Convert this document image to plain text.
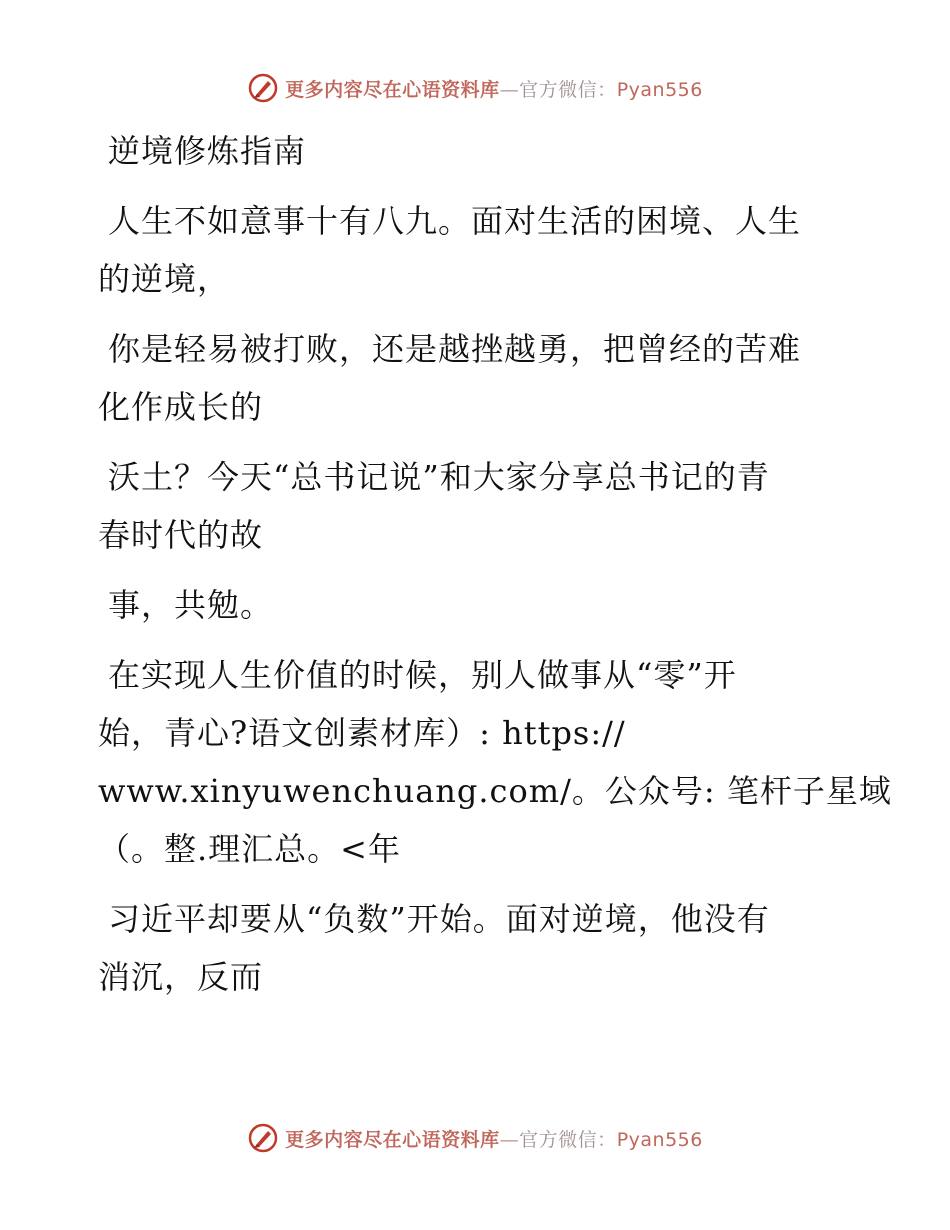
更多内容尽在心语资料库—官方微信：Pyan556
逆境修炼指南
人生不如意事十有八九。面对生活的困境、人生
的逆境，
你是轻易被打败，还是越挫越勇，把曾经的苦难
化作成长的
沃土？今天“总书记说”和大家分享总书记的青
春时代的故
事，共勉。
在实现人生价值的时候，别人做事从“零”开
始，青心?语文创素材库）: https://
www.xinyuwenchuang.com/。公众号: 笔杆子星域
（。整.理汇总。<年
习近平却要从“负数”开始。面对逆境，他没有
消沉，反而
更多内容尽在心语资料库—官方微信：Pyan556
